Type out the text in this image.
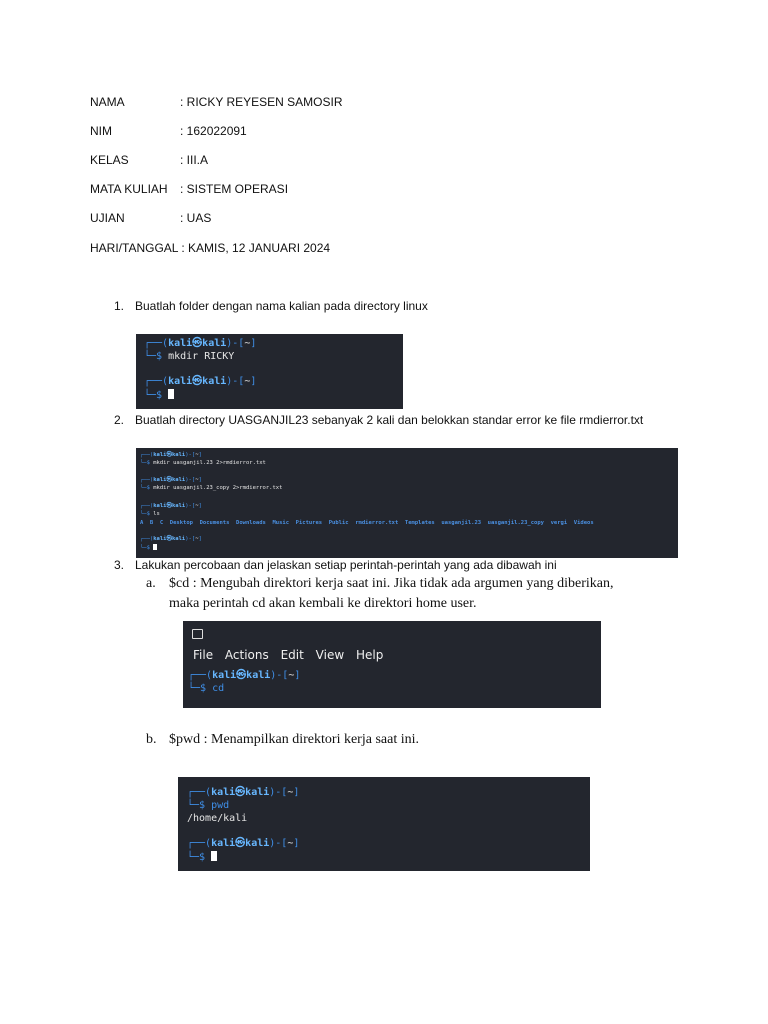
NAMA	: RICKY REYESEN SAMOSIR
NIM	: 162022091
KELAS	: III.A
MATA KULIAH : SISTEM OPERASI
UJIAN	: UAS
HARI/TANGGAL : KAMIS, 12 JANUARI 2024
1. Buatlah folder dengan nama kalian pada directory linux
┌──(kali㉿kali)-[~]
└─$ mkdir RICKY
┌──(kali㉿kali)-[~]
└─$
2. Buatlah directory UASGANJIL23 sebanyak 2 kali dan belokkan standar error ke file rmdierror.txt
┌──(kali㉿kali)-[~]
└─$ mkdir uasganjil.23 2>rmdierror.txt
┌──(kali㉿kali)-[~]
└─$ mkdir uasganjil.23_copy 2>rmdierror.txt
┌──(kali㉿kali)-[~]
└─$ ls
A  B  C  Desktop  Documents  Downloads  Music  Pictures  Public  rmdierror.txt  Templates  uasganjil.23  uasganjil.23_copy  vergi  Videos
┌──(kali㉿kali)-[~]
└─$
3. Lakukan percobaan dan jelaskan setiap perintah-perintah yang ada dibawah ini
a. $cd : Mengubah direktori kerja saat ini. Jika tidak ada argumen yang diberikan,
maka perintah cd akan kembali ke direktori home user.
File Actions Edit View Help
┌──(kali㉿kali)-[~]
└─$ cd
b. $pwd : Menampilkan direktori kerja saat ini.
┌──(kali㉿kali)-[~]
└─$ pwd
/home/kali
┌──(kali㉿kali)-[~]
└─$
